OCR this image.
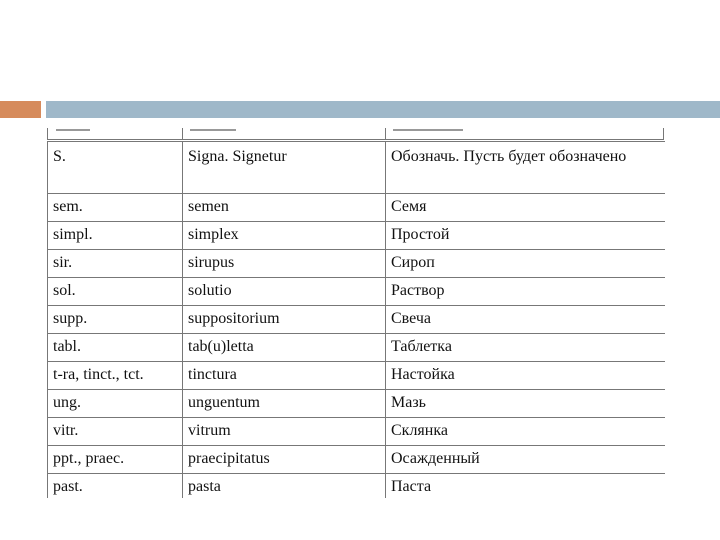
S.	Signa. Signetur	Обозначь. Пусть будет обозначено
sem.	semen	Семя
simpl.	simplex	Простой
sir.	sirupus	Сироп
sol.	solutio	Раствор
supp.	suppositorium	Свеча
tabl.	tab(u)letta	Таблетка
t-ra, tinct., tct.	tinctura	Настойка
ung.	unguentum	Мазь
vitr.	vitrum	Склянка
ppt., praec.	praecipitatus	Осажденный
past.	pasta	Паста
